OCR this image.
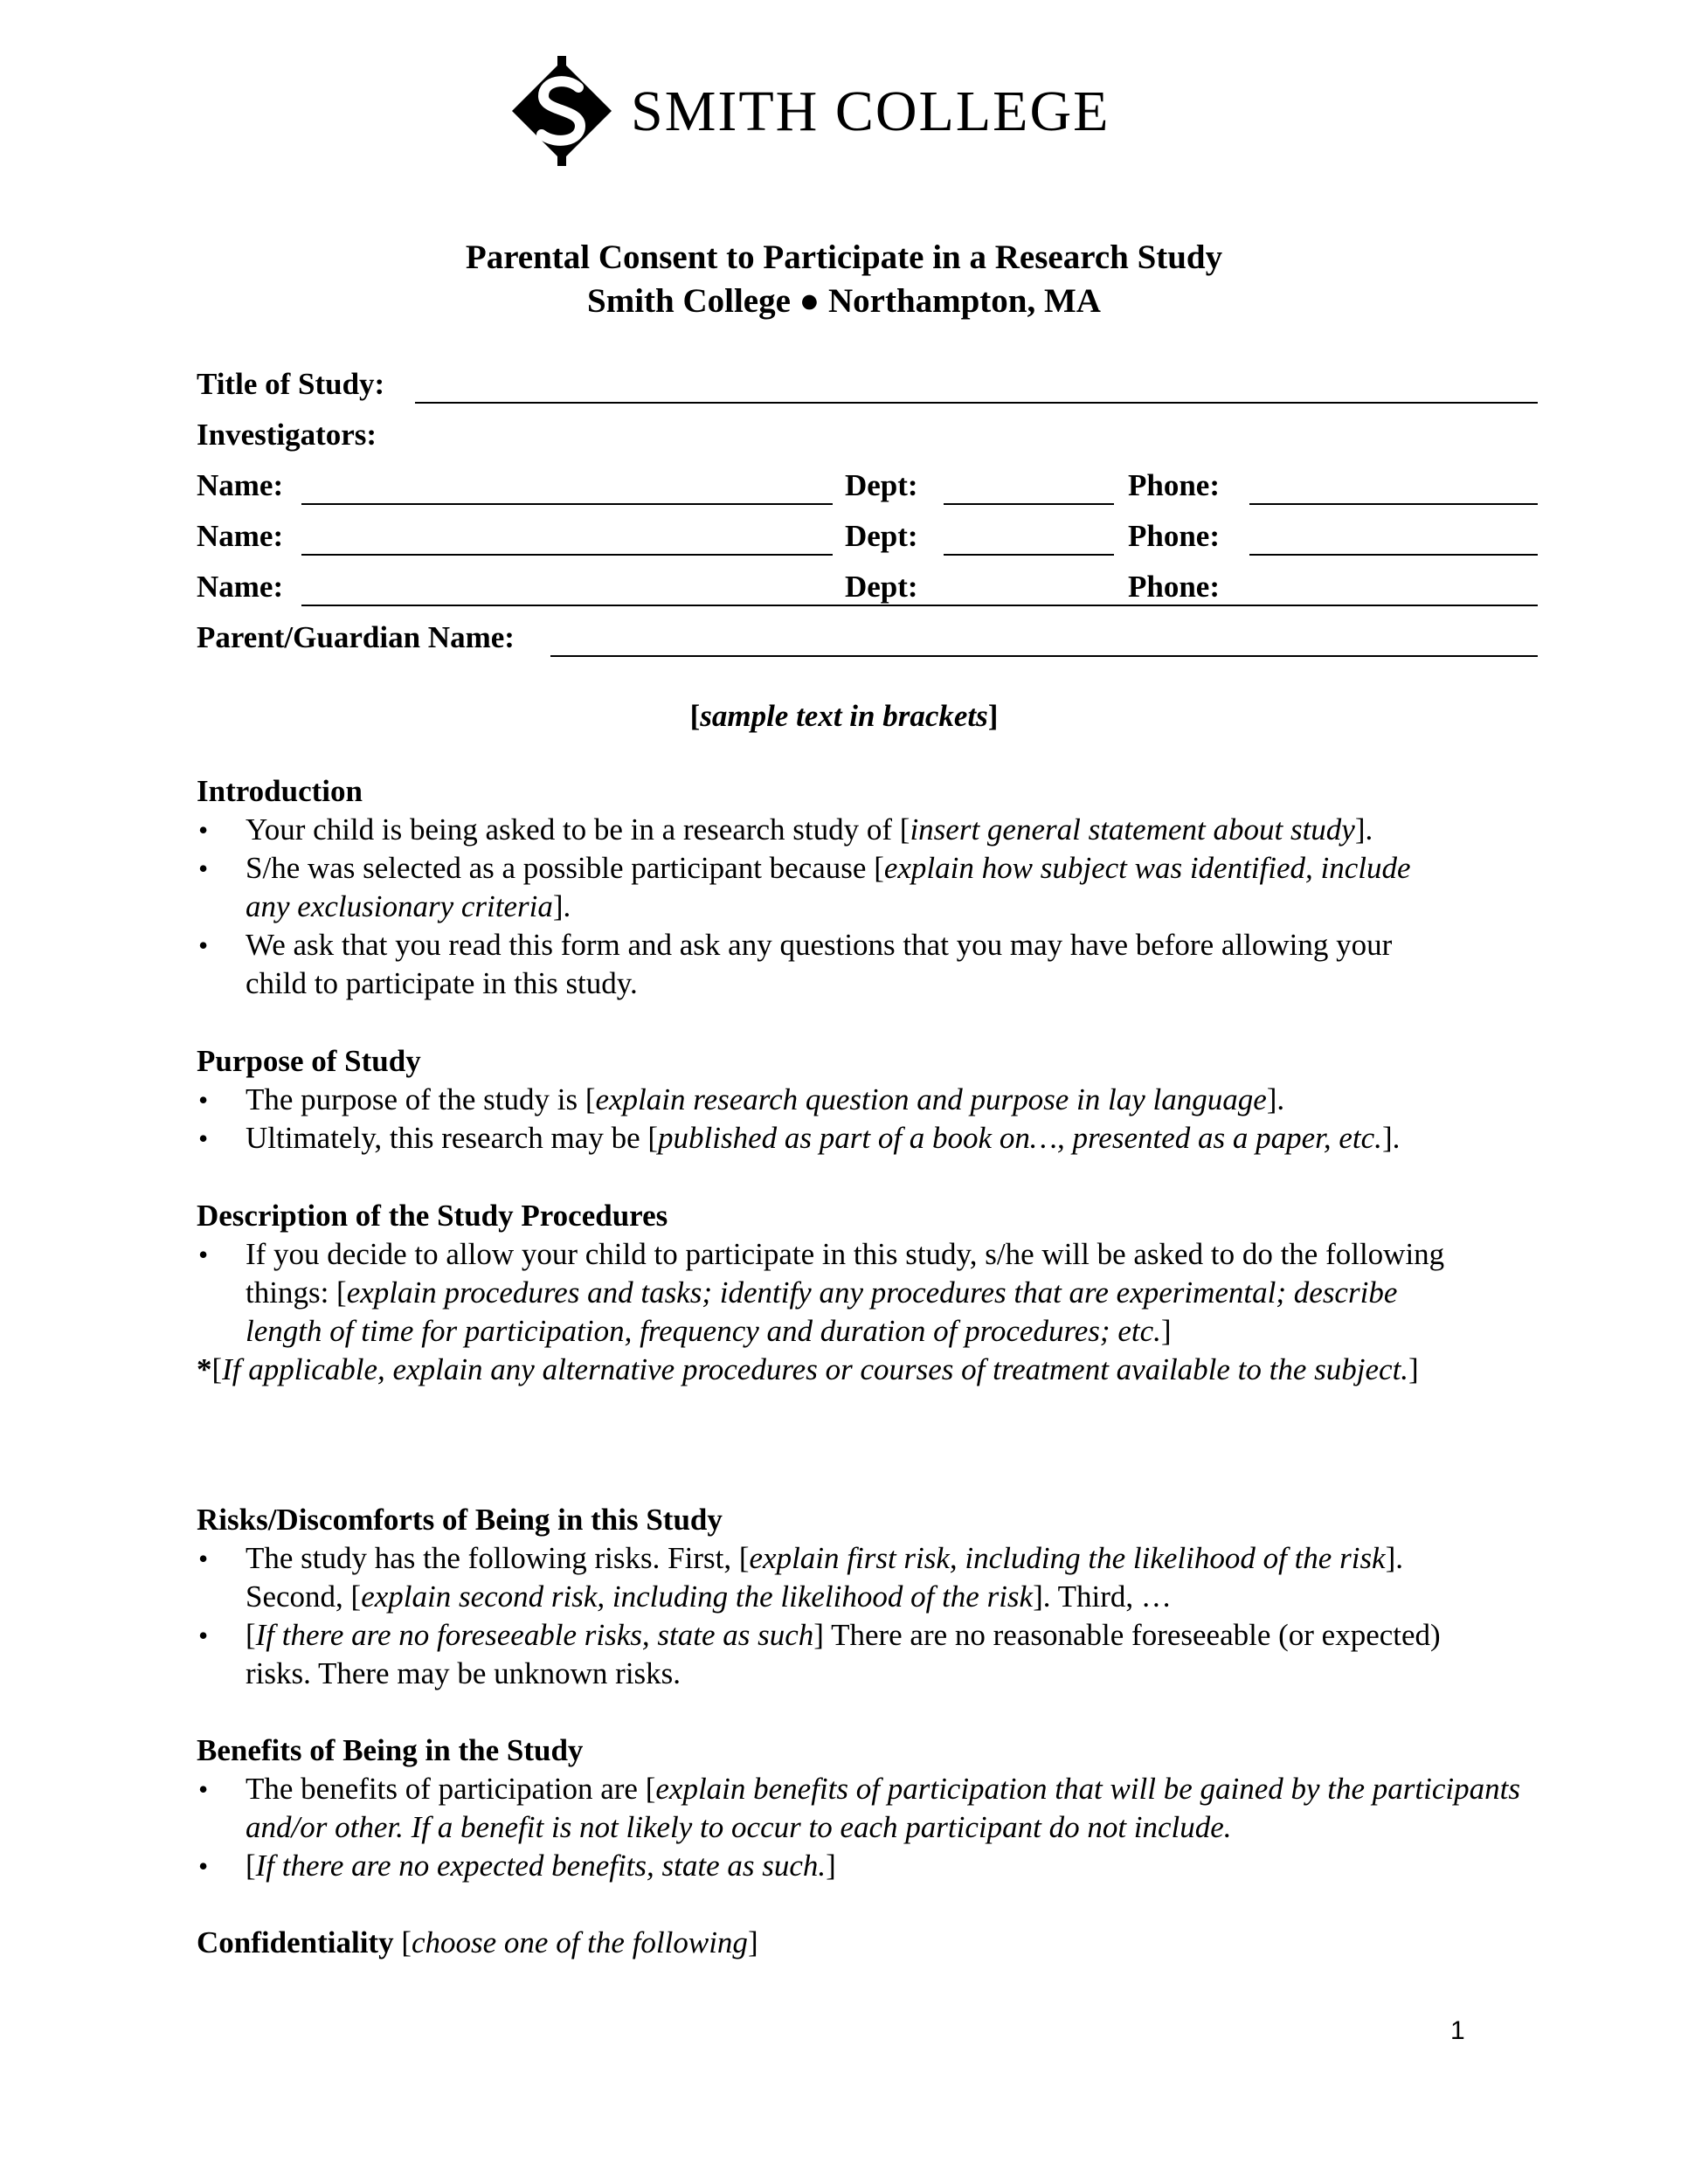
SMITH COLLEGE
Parental Consent to Participate in a Research Study
Smith College ● Northampton, MA
Title of Study:
Investigators:
Name:	Dept:	Phone:
Name:	Dept:	Phone:
Name:	Dept:	Phone:
Parent/Guardian Name:
[sample text in brackets]
Introduction
• Your child is being asked to be in a research study of [insert general statement about study].
• S/he was selected as a possible participant because [explain how subject was identified, include any exclusionary criteria].
• We ask that you read this form and ask any questions that you may have before allowing your child to participate in this study.
Purpose of Study
• The purpose of the study is [explain research question and purpose in lay language].
• Ultimately, this research may be [published as part of a book on…, presented as a paper, etc.].
Description of the Study Procedures
• If you decide to allow your child to participate in this study, s/he will be asked to do the following things: [explain procedures and tasks; identify any procedures that are experimental; describe length of time for participation, frequency and duration of procedures; etc.]

*[If applicable, explain any alternative procedures or courses of treatment available to the subject.]

Risks/Discomforts of Being in this Study
• The study has the following risks. First, [explain first risk, including the likelihood of the risk]. Second, [explain second risk, including the likelihood of the risk]. Third, …
• [If there are no foreseeable risks, state as such] There are no reasonable foreseeable (or expected) risks. There may be unknown risks.
Benefits of Being in the Study
• The benefits of participation are [explain benefits of participation that will be gained by the participants and/or other. If a benefit is not likely to occur to each participant do not include.
• [If there are no expected benefits, state as such.]

Confidentiality [choose one of the following]

1
